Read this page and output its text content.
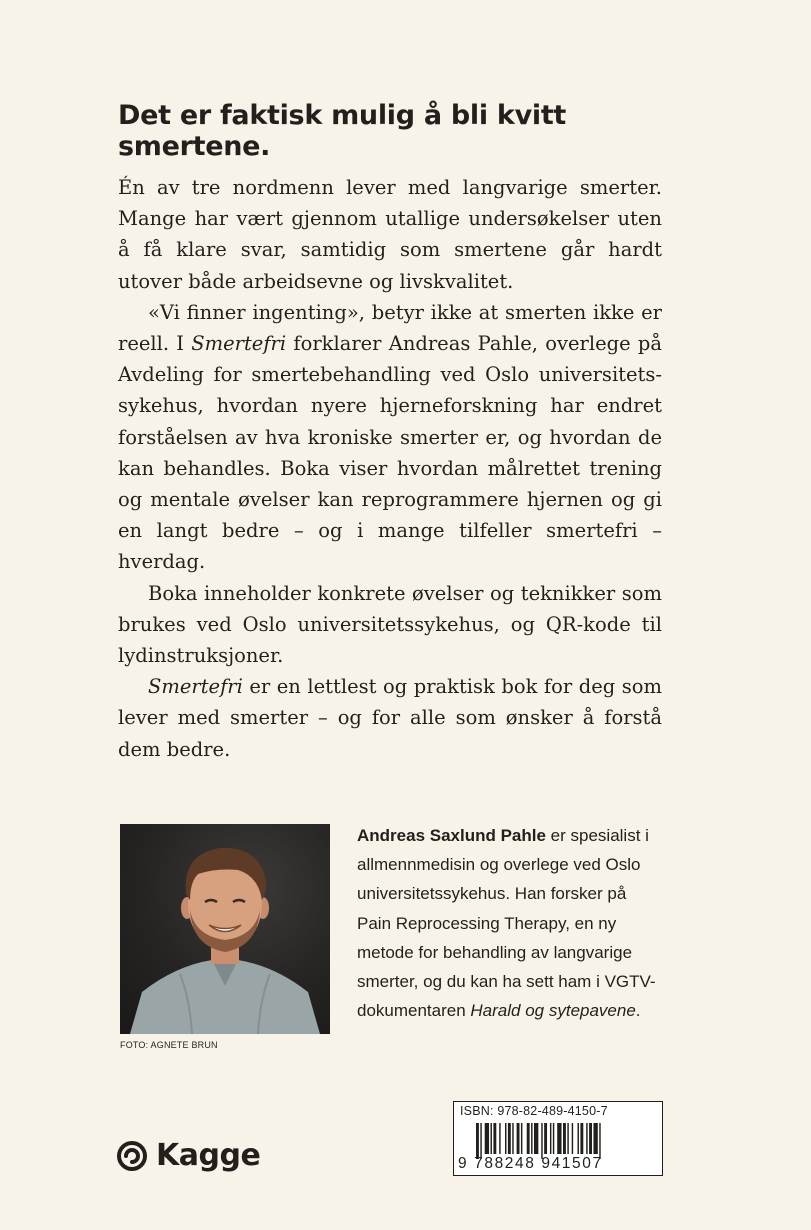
Det er faktisk mulig å bli kvitt smertene.

Én av tre nordmenn lever med langvarige smerter. Mange har vært gjennom utallige undersøkelser uten å få klare svar, samtidig som smertene går hardt utover både arbeidsevne og livskvalitet.

«Vi finner ingenting», betyr ikke at smerten ikke er reell. I Smertefri forklarer Andreas Pahle, overlege på Avdeling for smertebehandling ved Oslo universitetssykehus, hvordan nyere hjerneforskning har endret forståelsen av hva kroniske smerter er, og hvordan de kan behandles. Boka viser hvordan målrettet trening og mentale øvelser kan reprogrammere hjernen og gi en langt bedre – og i mange tilfeller smertefri – hverdag.

Boka inneholder konkrete øvelser og teknikker som brukes ved Oslo universitetssykehus, og QR-kode til lydinstruksjoner.

Smertefri er en lettlest og praktisk bok for deg som lever med smerter – og for alle som ønsker å forstå dem bedre.

FOTO: AGNETE BRUN

Andreas Saxlund Pahle er spesialist i allmennmedisin og overlege ved Oslo universitetssykehus. Han forsker på Pain Reprocessing Therapy, en ny metode for behandling av langvarige smerter, og du kan ha sett ham i VGTV-dokumentaren Harald og sytepavene.

Kagge
ISBN: 978-82-489-4150-7
9 788248 941507
